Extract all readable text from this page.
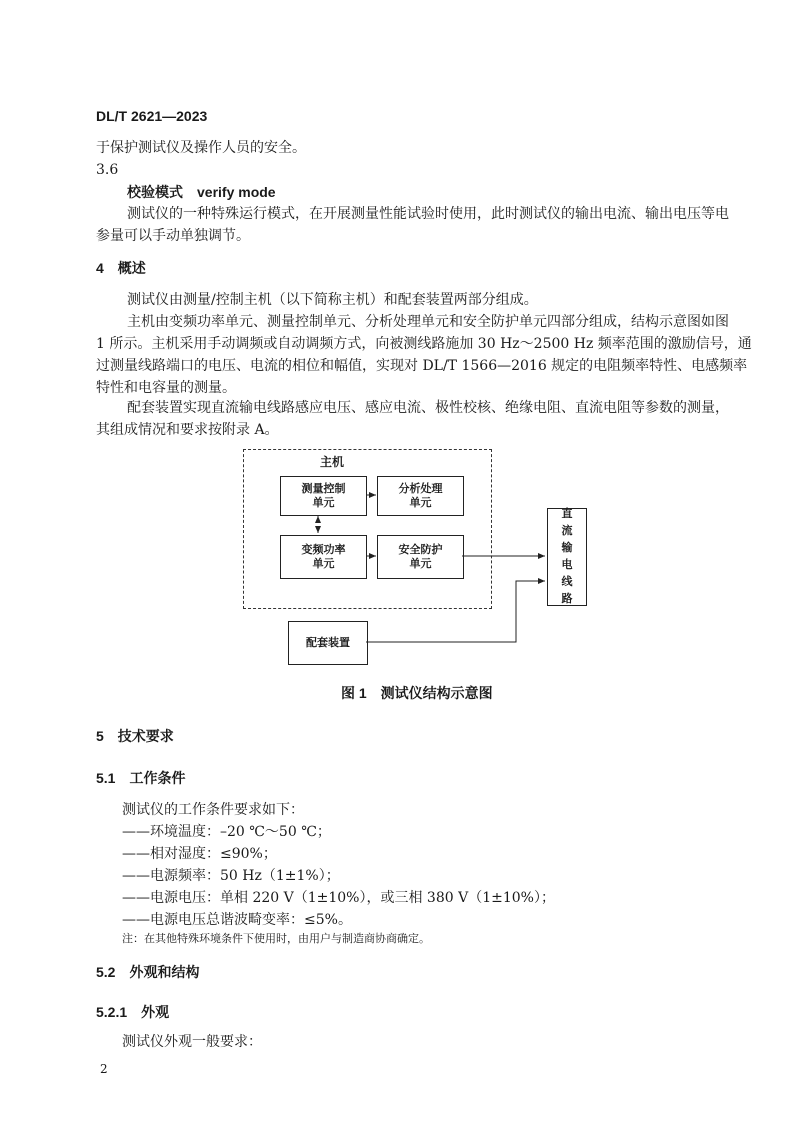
DL/T 2621—2023
于保护测试仪及操作人员的安全。
3.6
校验模式　verify mode
测试仪的一种特殊运行模式，在开展测量性能试验时使用，此时测试仪的输出电流、输出电压等电
参量可以手动单独调节。
4　概述
测试仪由测量/控制主机（以下简称主机）和配套装置两部分组成。
主机由变频功率单元、测量控制单元、分析处理单元和安全防护单元四部分组成，结构示意图如图
1 所示。主机采用手动调频或自动调频方式，向被测线路施加 30 Hz～2500 Hz 频率范围的激励信号，通
过测量线路端口的电压、电流的相位和幅值，实现对 DL/T 1566—2016 规定的电阻频率特性、电感频率
特性和电容量的测量。
配套装置实现直流输电线路感应电压、感应电流、极性校核、绝缘电阻、直流电阻等参数的测量，
其组成情况和要求按附录 A。
主机
测量控制
单元
分析处理
单元
变频功率
单元
安全防护
单元
直流输电线路
配套装置
图 1　测试仪结构示意图
5　技术要求
5.1　工作条件
测试仪的工作条件要求如下：
——环境温度：–20 ℃～50 ℃；
——相对湿度：≤90%；
——电源频率：50 Hz（1±1%）；
——电源电压：单相 220 V（1±10%），或三相 380 V（1±10%）；
——电源电压总谐波畸变率：≤5%。
注：在其他特殊环境条件下使用时，由用户与制造商协商确定。
5.2　外观和结构
5.2.1　外观
测试仪外观一般要求：
2
